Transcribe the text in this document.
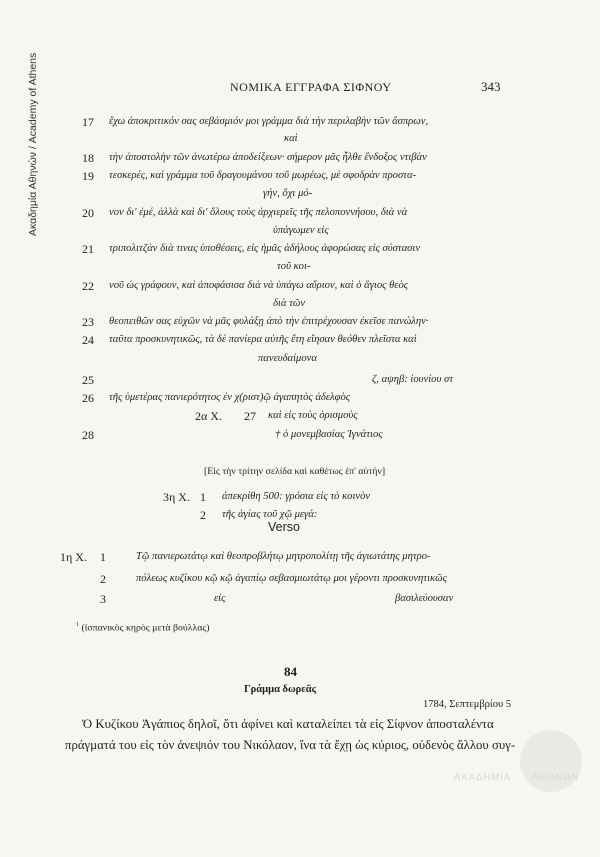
Ακαδημία Αθηνών / Academy of Athens	ΝΟΜΙΚΑ ΕΓΓΡΑΦΑ ΣΙΦΝΟΥ	343
17 ἔχω ἀποκριτικόν σας σεβάσμιόν μοι γράμμα διὰ τὴν περιλαβὴν τῶν ἄσπρων,
καὶ
18 τὴν ἀποστολὴν τῶν ἀνωτέρω ἀποδείξεων· σήμερον μᾶς ἦλθε ἔνδοξος ντιβὰν
19 τεσκερές, καὶ γράμμα τοῦ δραγουμάνου τοῦ μωρέως, μὲ σφοδρὰν προστα-
γήν, ὄχι μό-
20 νον δι' ἐμέ, ἀλλὰ καὶ δι' ὅλους τοὺς ἀρχιερεῖς τῆς πελοποννήσου, διὰ νὰ
ὑπάγωμεν εἰς
21 τριπολιτζὰν διὰ τινας ὑποθέσεις, εἰς ἡμᾶς ἀδήλους ἀφορώσας εἰς σύστασιν
τοῦ κοι-
22 νοῦ ὡς γράφουν, καὶ ἀποφάσισα διὰ νὰ ὑπάγω αὔριον, καὶ ὁ ἅγιος θεὸς
διὰ τῶν
23 θεοπειθῶν σας εὐχῶν νὰ μᾶς φυλάξῃ ἀπὸ τὴν ἐπιτρέχουσαν ἐκεῖσε πανώλην·
24 ταῦτα προσκυνητικῶς, τὰ δὲ πανίερα αὐτῆς ἔτη εἴησαν θεόθεν πλεῖστα καὶ
πανευδαίμονα
25	ζ, αψηβ: ἰουνίου στ
26 τῆς ὑμετέρας πανιερότητος ἐν χ(ριστ)ῷ ἀγαπητὸς ἀδελφὸς
2α Χ. 27 καὶ εἰς τοὺς ὁρισμοὺς
28	† ὁ μονεμβασίας Ἰγνάτιος
[Εἰς τὴν τρίτην σελίδα καὶ καθέτως ἐπ' αὐτήν]
3η Χ. 1 ἀπεκρίθη 500: γρόσια εἰς τὸ κοινὸν
2 τῆς ἁγίας τοῦ χῷ μεγά:
Verso
1η Χ. 1	Τῷ πανιερωτάτῳ καὶ θεοπροβλήτῳ μητροπολίτῃ τῆς ἁγιωτάτης μητρο-
2	πόλεως κυζίκου κῷ κῷ ἀγαπίῳ σεβασμιωτάτῳ μοι γέροντι προσκυνητικῶς
3	εἰς	βασιλεύουσαν
$^1$ (ἰσπανικὸς κηρὸς μετὰ βούλλας)
84
Γράμμα δωρεᾶς
1784, Σεπτεμβρίου 5
Ὁ Κυζίκου Ἀγάπιος δηλοῖ, ὅτι ἀφίνει καὶ καταλείπει τὰ εἰς Σίφνον ἀποσταλέντα
πράγματά του εἰς τὸν ἀνεψιόν του Νικόλαον, ἵνα τὰ ἔχῃ ὡς κύριος, οὐδενὸς ἄλλου συγ-
ΑΚΑΔΗΜΙΑ ΑΘΗΝΩΝ
